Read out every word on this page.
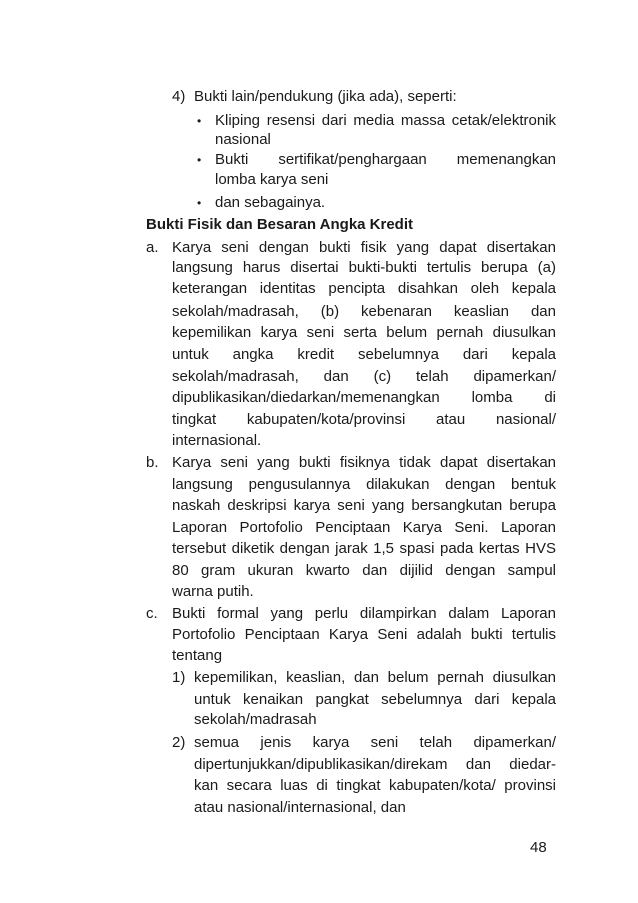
4) Bukti lain/pendukung (jika ada), seperti:
• Kliping resensi dari media massa cetak/elektronik
nasional
• Bukti sertifikat/penghargaan memenangkan
lomba karya seni
• dan sebagainya.
Bukti Fisik dan Besaran Angka Kredit
a. Karya seni dengan bukti fisik yang dapat disertakan
langsung harus disertai bukti-bukti tertulis berupa (a)
keterangan identitas pencipta disahkan oleh kepala
sekolah/madrasah, (b) kebenaran keaslian dan
kepemilikan karya seni serta belum pernah diusulkan
untuk angka kredit sebelumnya dari kepala
sekolah/madrasah, dan (c) telah dipamerkan/
dipublikasikan/diedarkan/memenangkan lomba di
tingkat kabupaten/kota/provinsi atau nasional/
internasional.
b. Karya seni yang bukti fisiknya tidak dapat disertakan
langsung pengusulannya dilakukan dengan bentuk
naskah deskripsi karya seni yang bersangkutan berupa
Laporan Portofolio Penciptaan Karya Seni. Laporan
tersebut diketik dengan jarak 1,5 spasi pada kertas HVS
80 gram ukuran kwarto dan dijilid dengan sampul
warna putih.
c. Bukti formal yang perlu dilampirkan dalam Laporan
Portofolio Penciptaan Karya Seni adalah bukti tertulis
tentang
1) kepemilikan, keaslian, dan belum pernah diusulkan
untuk kenaikan pangkat sebelumnya dari kepala
sekolah/madrasah
2) semua jenis karya seni telah dipamerkan/
dipertunjukkan/dipublikasikan/direkam dan diedar-
kan secara luas di tingkat kabupaten/kota/ provinsi
atau nasional/internasional, dan
48
